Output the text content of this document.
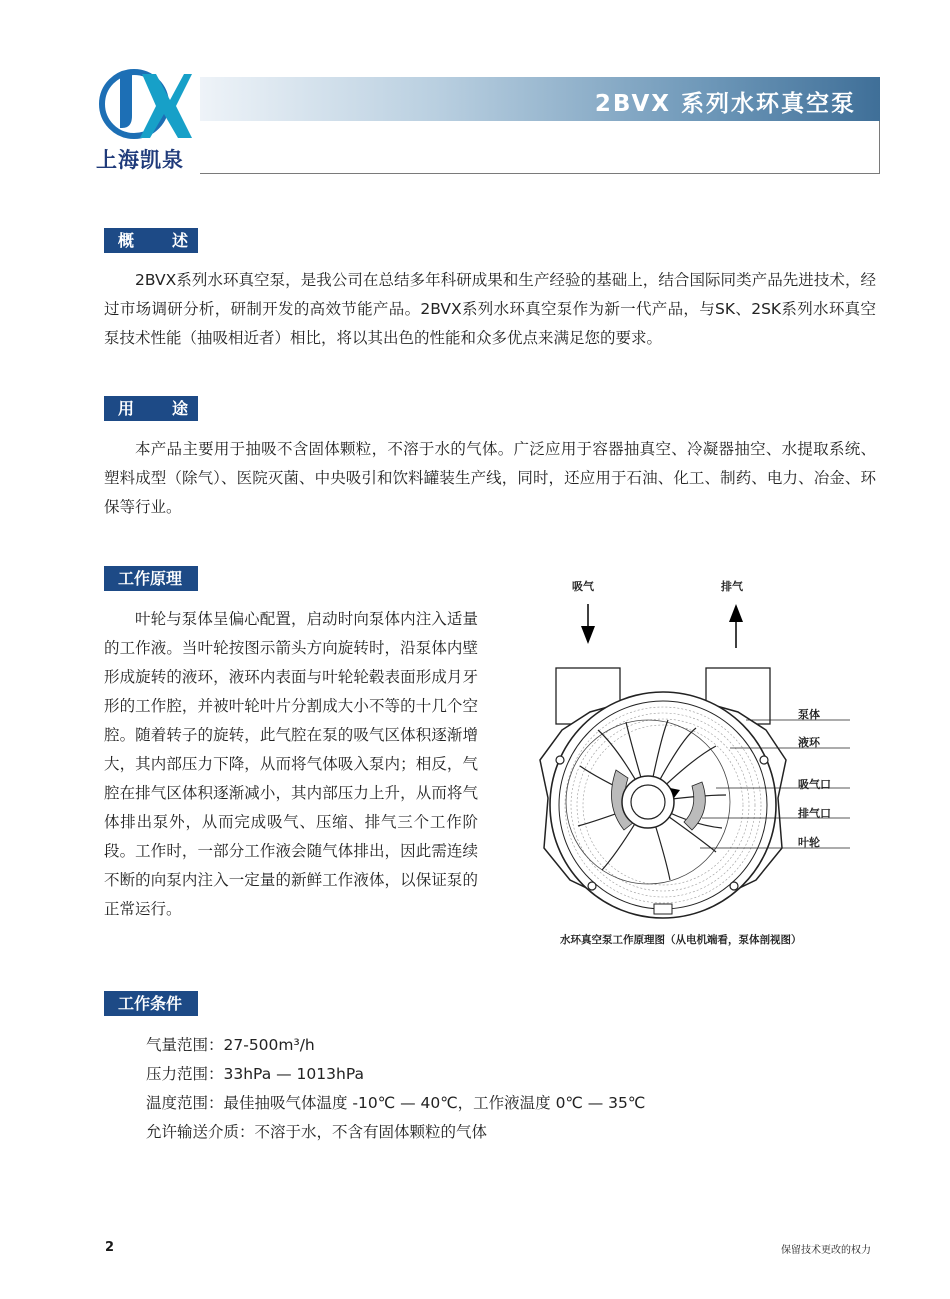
上海凯泉
2BVX 系列水环真空泵
概　　述

2BVX系列水环真空泵，是我公司在总结多年科研成果和生产经验的基础上，结合国际同类产品先进技术，经过市场调研分析，研制开发的高效节能产品。2BVX系列水环真空泵作为新一代产品，与SK、2SK系列水环真空泵技术性能（抽吸相近者）相比，将以其出色的性能和众多优点来满足您的要求。

用　　途

本产品主要用于抽吸不含固体颗粒，不溶于水的气体。广泛应用于容器抽真空、冷凝器抽空、水提取系统、塑料成型（除气）、医院灭菌、中央吸引和饮料罐装生产线，同时，还应用于石油、化工、制药、电力、冶金、环保等行业。

工作原理

叶轮与泵体呈偏心配置，启动时向泵体内注入适量的工作液。当叶轮按图示箭头方向旋转时，沿泵体内壁形成旋转的液环，液环内表面与叶轮轮毂表面形成月牙形的工作腔，并被叶轮叶片分割成大小不等的十几个空腔。随着转子的旋转，此气腔在泵的吸气区体积逐渐增大，其内部压力下降，从而将气体吸入泵内；相反，气腔在排气区体积逐渐减小，其内部压力上升，从而将气体排出泵外，从而完成吸气、压缩、排气三个工作阶段。工作时，一部分工作液会随气体排出，因此需连续不断的向泵内注入一定量的新鲜工作液体，以保证泵的正常运行。

吸气	排气
泵体
液环
吸气口
排气口
叶轮
水环真空泵工作原理图（从电机端看，泵体剖视图）
工作条件
气量范围：27-500m³/h
压力范围：33hPa — 1013hPa
温度范围：最佳抽吸气体温度 -10℃ — 40℃，工作液温度 0℃ — 35℃
允许输送介质：不溶于水，不含有固体颗粒的气体
2	保留技术更改的权力
